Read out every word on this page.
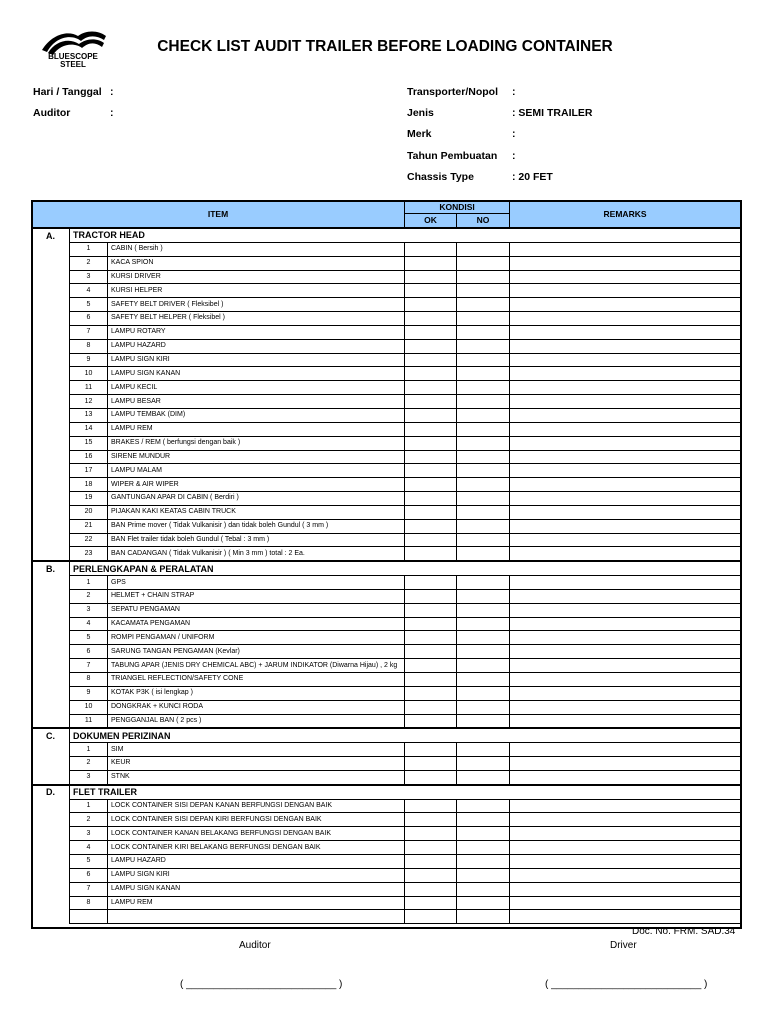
BLUESCOPE
STEEL
CHECK LIST AUDIT TRAILER BEFORE LOADING CONTAINER
Hari / Tanggal :
Auditor	:
Transporter/Nopol :
Jenis	: SEMI TRAILER
Merk	:
Tahun Pembuatan :
Chassis Type	: 20 FET
ITEM			KONDISI		REMARKS
			OK	NO	
A.	TRACTOR HEAD				
	1	CABIN ( Bersih )			
	2	KACA SPION			
	3	KURSI DRIVER			
	4	KURSI HELPER			
	5	SAFETY BELT DRIVER ( Fleksibel )			
	6	SAFETY BELT HELPER ( Fleksibel )			
	7	LAMPU ROTARY			
	8	LAMPU HAZARD			
	9	LAMPU SIGN KIRI			
	10	LAMPU SIGN KANAN			
	11	LAMPU KECIL			
	12	LAMPU BESAR			
	13	LAMPU TEMBAK (DIM)			
	14	LAMPU REM			
	15	BRAKES / REM ( berfungsi dengan baik )			
	16	SIRENE MUNDUR			
	17	LAMPU MALAM			
	18	WIPER & AIR WIPER			
	19	GANTUNGAN APAR DI CABIN ( Berdiri )			
	20	PIJAKAN KAKI KEATAS CABIN TRUCK			
	21	BAN Prime mover ( Tidak Vulkanisir ) dan tidak boleh Gundul ( 3 mm )			
	22	BAN Flet trailer tidak boleh Gundul ( Tebal : 3 mm )			
	23	BAN CADANGAN ( Tidak Vulkanisir ) ( Min 3 mm ) total : 2 Ea.			
B.	PERLENGKAPAN & PERALATAN				
	1	GPS			
	2	HELMET + CHAIN STRAP			
	3	SEPATU PENGAMAN			
	4	KACAMATA PENGAMAN			
	5	ROMPI PENGAMAN / UNIFORM			
	6	SARUNG TANGAN PENGAMAN (Kevlar)			
	7	TABUNG APAR (JENIS DRY CHEMICAL ABC) + JARUM INDIKATOR (Diwarna Hijau) , 2 kg			
	8	TRIANGEL REFLECTION/SAFETY CONE			
	9	KOTAK P3K ( isi lengkap )			
	10	DONGKRAK + KUNCI RODA			
	11	PENGGANJAL BAN ( 2 pcs )			
C.	DOKUMEN PERIZINAN				
	1	SIM			
	2	KEUR			
	3	STNK			
D.	FLET TRAILER				
	1	LOCK CONTAINER SISI DEPAN KANAN BERFUNGSI DENGAN BAIK			
	2	LOCK CONTAINER SISI DEPAN KIRI BERFUNGSI DENGAN BAIK			
	3	LOCK CONTAINER KANAN BELAKANG BERFUNGSI DENGAN BAIK			
	4	LOCK CONTAINER KIRI BELAKANG BERFUNGSI DENGAN BAIK			
	5	LAMPU HAZARD			
	6	LAMPU SIGN KIRI			
	7	LAMPU SIGN KANAN			
	8	LAMPU REM			

Doc. No. FRM. SAD.34
Auditor	Driver
( ___________________________ )	( ___________________________ )
